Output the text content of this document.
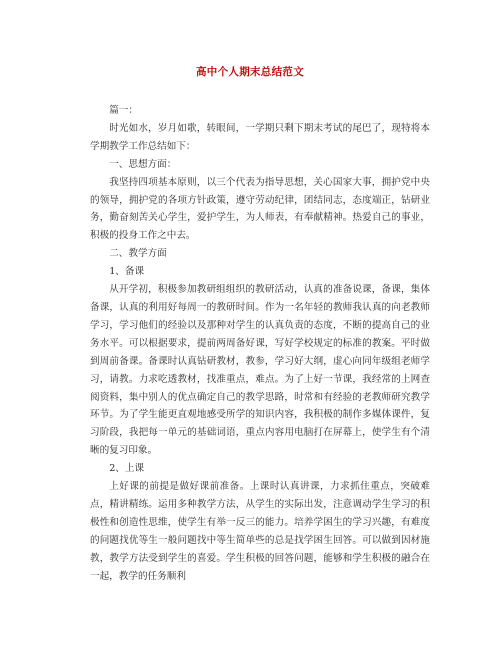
高中个人期末总结范文

篇一：

时光如水，岁月如歌，转眼间，一学期只剩下期末考试的尾巴了，现特将本学期教学工作总结如下：

一、思想方面：

我坚持四项基本原则，以三个代表为指导思想，关心国家大事，拥护党中央的领导，拥护党的各项方针政策，遵守劳动纪律，团结同志，态度端正，钻研业务，勤奋刻苦关心学生，爱护学生，为人师表，有奉献精神。热爱自己的事业，积极的投身工作之中去。

二、教学方面

1、备课

从开学初，积极参加教研组组织的教研活动，认真的准备说课，备课，集体备课，认真的利用好每周一的教研时间。作为一名年轻的教师我认真的向老教师学习，学习他们的经验以及那种对学生的认真负责的态度，不断的提高自己的业务水平。可以根据要求，提前两周备好课，写好学校规定的标准的教案。平时做到周前备课。备课时认真钻研教材，教参，学习好大纲，虚心向同年级组老师学习，请教。力求吃透教材，找准重点，难点。为了上好一节课，我经常的上网查阅资料，集中别人的优点确定自己的教学思路，时常和有经验的老教师研究教学环节。为了学生能更直观地感受所学的知识内容，我积极的制作多媒体课件，复习阶段，我把每一单元的基础词语，重点内容用电脑打在屏幕上，使学生有个清晰的复习印象。

2、上课

上好课的前提是做好课前准备。上课时认真讲课，力求抓住重点，突破难点，精讲精练。运用多种教学方法，从学生的实际出发，注意调动学生学习的积极性和创造性思维，使学生有举一反三的能力。培养学困生的学习兴趣，有难度的问题找优等生一般问题找中等生简单些的总是找学困生回答。可以做到因材施教，教学方法受到学生的喜爱。学生积极的回答问题，能够和学生积极的融合在一起，教学的任务顺利
